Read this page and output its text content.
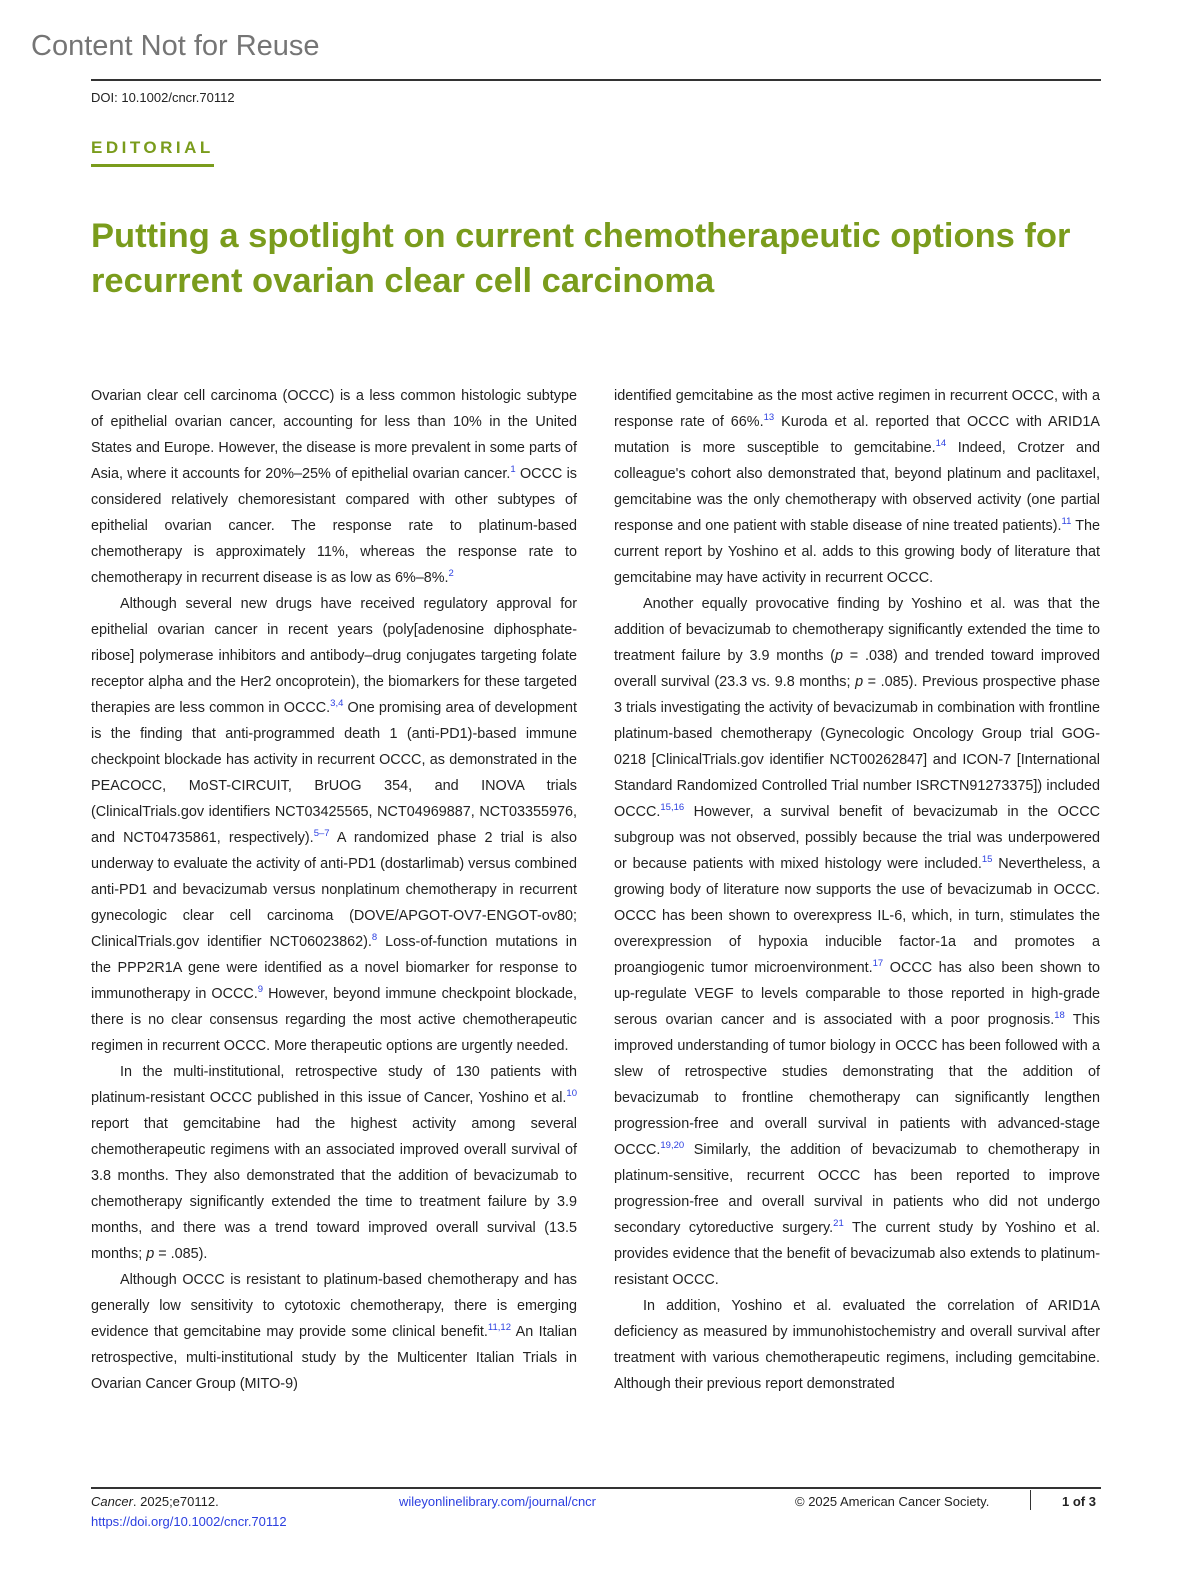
Content Not for Reuse
DOI: 10.1002/cncr.70112
EDITORIAL
Putting a spotlight on current chemotherapeutic options for recurrent ovarian clear cell carcinoma

Ovarian clear cell carcinoma (OCCC) is a less common histologic subtype of epithelial ovarian cancer, accounting for less than 10% in the United States and Europe. However, the disease is more prevalent in some parts of Asia, where it accounts for 20%–25% of epithelial ovarian cancer.$^1$ OCCC is considered relatively chemoresistant compared with other subtypes of epithelial ovarian cancer. The response rate to platinum-based chemotherapy is approximately 11%, whereas the response rate to chemotherapy in recurrent disease is as low as 6%–8%.$^2$

Although several new drugs have received regulatory approval for epithelial ovarian cancer in recent years (poly[adenosine diphosphate-ribose] polymerase inhibitors and antibody–drug conjugates targeting folate receptor alpha and the Her2 oncoprotein), the biomarkers for these targeted therapies are less common in OCCC.$^{3,4}$ One promising area of development is the finding that anti-programmed death 1 (anti-PD1)-based immune checkpoint blockade has activity in recurrent OCCC, as demonstrated in the PEACOCC, MoST-CIRCUIT, BrUOG 354, and INOVA trials (ClinicalTrials.gov identifiers NCT03425565, NCT04969887, NCT03355976, and NCT04735861, respectively).$^{5-7}$ A randomized phase 2 trial is also underway to evaluate the activity of anti-PD1 (dostarlimab) versus combined anti-PD1 and bevacizumab versus nonplatinum chemotherapy in recurrent gynecologic clear cell carcinoma (DOVE/APGOT-OV7-ENGOT-ov80; ClinicalTrials.gov identifier NCT06023862).$^8$ Loss-of-function mutations in the PPP2R1A gene were identified as a novel biomarker for response to immunotherapy in OCCC.$^9$ However, beyond immune checkpoint blockade, there is no clear consensus regarding the most active chemotherapeutic regimen in recurrent OCCC. More therapeutic options are urgently needed.

In the multi-institutional, retrospective study of 130 patients with platinum-resistant OCCC published in this issue of Cancer, Yoshino et al.$^{10}$ report that gemcitabine had the highest activity among several chemotherapeutic regimens with an associated improved overall survival of 3.8 months. They also demonstrated that the addition of bevacizumab to chemotherapy significantly extended the time to treatment failure by 3.9 months, and there was a trend toward improved overall survival (13.5 months; p = .085).

Although OCCC is resistant to platinum-based chemotherapy and has generally low sensitivity to cytotoxic chemotherapy, there is emerging evidence that gemcitabine may provide some clinical benefit.$^{11,12}$ An Italian retrospective, multi-institutional study by the Multicenter Italian Trials in Ovarian Cancer Group (MITO-9)

identified gemcitabine as the most active regimen in recurrent OCCC, with a response rate of 66%.$^{13}$ Kuroda et al. reported that OCCC with ARID1A mutation is more susceptible to gemcitabine.$^{14}$ Indeed, Crotzer and colleague's cohort also demonstrated that, beyond platinum and paclitaxel, gemcitabine was the only chemotherapy with observed activity (one partial response and one patient with stable disease of nine treated patients).$^{11}$ The current report by Yoshino et al. adds to this growing body of literature that gemcitabine may have activity in recurrent OCCC.

Another equally provocative finding by Yoshino et al. was that the addition of bevacizumab to chemotherapy significantly extended the time to treatment failure by 3.9 months (p = .038) and trended toward improved overall survival (23.3 vs. 9.8 months; p = .085). Previous prospective phase 3 trials investigating the activity of bevacizumab in combination with frontline platinum-based chemotherapy (Gynecologic Oncology Group trial GOG-0218 [ClinicalTrials.gov identifier NCT00262847] and ICON-7 [International Standard Randomized Controlled Trial number ISRCTN91273375]) included OCCC.$^{15,16}$ However, a survival benefit of bevacizumab in the OCCC subgroup was not observed, possibly because the trial was underpowered or because patients with mixed histology were included.$^{15}$ Nevertheless, a growing body of literature now supports the use of bevacizumab in OCCC. OCCC has been shown to overexpress IL-6, which, in turn, stimulates the overexpression of hypoxia inducible factor-1a and promotes a proangiogenic tumor microenvironment.$^{17}$ OCCC has also been shown to up-regulate VEGF to levels comparable to those reported in high-grade serous ovarian cancer and is associated with a poor prognosis.$^{18}$ This improved understanding of tumor biology in OCCC has been followed with a slew of retrospective studies demonstrating that the addition of bevacizumab to frontline chemotherapy can significantly lengthen progression-free and overall survival in patients with advanced-stage OCCC.$^{19,20}$ Similarly, the addition of bevacizumab to chemotherapy in platinum-sensitive, recurrent OCCC has been reported to improve progression-free and overall survival in patients who did not undergo secondary cytoreductive surgery.$^{21}$ The current study by Yoshino et al. provides evidence that the benefit of bevacizumab also extends to platinum-resistant OCCC.

In addition, Yoshino et al. evaluated the correlation of ARID1A deficiency as measured by immunohistochemistry and overall survival after treatment with various chemotherapeutic regimens, including gemcitabine. Although their previous report demonstrated

Cancer. 2025;e70112.
https://doi.org/10.1002/cncr.70112
wileyonlinelibrary.com/journal/cncr	© 2025 American Cancer Society.	1 of 3
